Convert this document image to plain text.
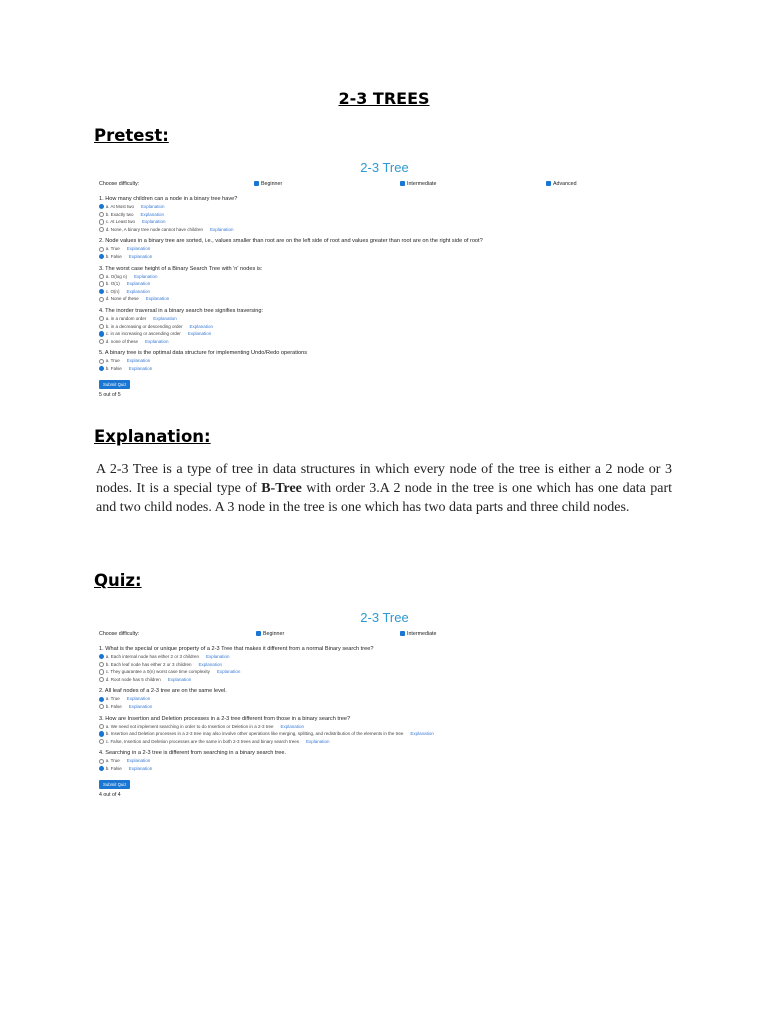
2-3 TREES
Pretest:
2-3 Tree
Choose difficulty:	Beginner	Intermediate	Advanced
1. How many children can a node in a binary tree have?
a. At Most two Explanation
b. Exactly two Explanation
c. At Least two Explanation
d. None, A binary tree node cannot have children Explanation
2. Node values in a binary tree are sorted, i.e., values smaller than root are on the left side of root and values greater than root are on the right side of root?
a. True Explanation
b. False Explanation
3. The worst case height of a Binary Search Tree with 'n' nodes is:
a. O(log n) Explanation
b. O(1) Explanation
c. O(n) Explanation
d. None of these Explanation
4. The inorder traversal in a binary search tree signifies traversing:
a. in a random order Explanation
b. in a decreasing or descending order Explanation
c. in an increasing or ascending order Explanation
d. none of these Explanation
5. A binary tree is the optimal data structure for implementing Undo/Redo operations
a. True Explanation
b. False Explanation
Submit Quiz
5 out of 5
Explanation:
A 2-3 Tree is a type of tree in data structures in which every node of the tree is either a 2 node or 3 nodes. It is a special type of B-Tree with order 3.A 2 node in the tree is one which has one data part and two child nodes. A 3 node in the tree is one which has two data parts and three child nodes.
Quiz:
2-3 Tree
Choose difficulty:	Beginner	Intermediate
1. What is the special or unique property of a 2-3 Tree that makes it different from a normal Binary search tree?
a. Each internal node has either 2 or 3 children Explanation
b. Each leaf node has either 2 or 3 children Explanation
c. They guarantee a 0(n) worst case time complexity Explanation
d. Root node has 5 children Explanation
2. All leaf nodes of a 2-3 tree are on the same level.
a. True Explanation
b. False Explanation
3. How are Insertion and Deletion processes in a 2-3 tree different from those in a binary search tree?
a. We need not implement searching in order to do Insertion or Deletion in a 2-3 tree Explanation
b. Insertion and Deletion processes in a 2-3 tree may also involve other operations like merging, splitting, and redistribution of the elements in the tree Explanation
c. False, Insertion and Deletion processes are the same in both 2-3 trees and binary search trees Explanation
4. Searching in a 2-3 tree is different from searching in a binary search tree.
a. True Explanation
b. False Explanation
Submit Quiz
4 out of 4
